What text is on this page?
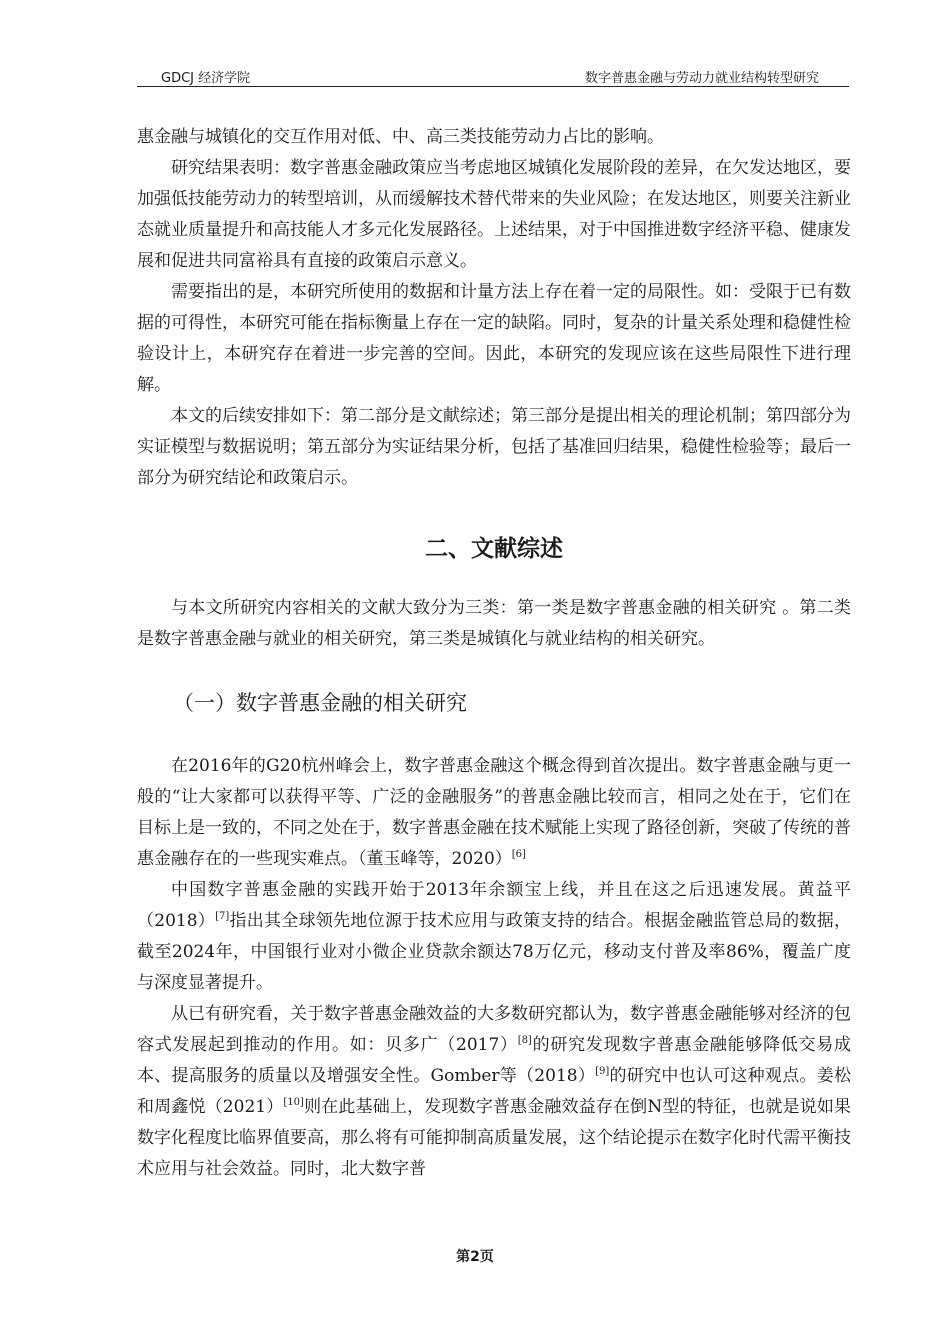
GDCJ 经济学院	数字普惠金融与劳动力就业结构转型研究

惠金融与城镇化的交互作用对低、中、高三类技能劳动力占比的影响。

研究结果表明：数字普惠金融政策应当考虑地区城镇化发展阶段的差异，在欠发达地区，要加强低技能劳动力的转型培训，从而缓解技术替代带来的失业风险；在发达地区，则要关注新业态就业质量提升和高技能人才多元化发展路径。上述结果，对于中国推进数字经济平稳、健康发展和促进共同富裕具有直接的政策启示意义。

需要指出的是，本研究所使用的数据和计量方法上存在着一定的局限性。如：受限于已有数据的可得性，本研究可能在指标衡量上存在一定的缺陷。同时，复杂的计量关系处理和稳健性检验设计上，本研究存在着进一步完善的空间。因此，本研究的发现应该在这些局限性下进行理解。

本文的后续安排如下：第二部分是文献综述；第三部分是提出相关的理论机制；第四部分为实证模型与数据说明；第五部分为实证结果分析，包括了基准回归结果，稳健性检验等；最后一部分为研究结论和政策启示。

二、文献综述

与本文所研究内容相关的文献大致分为三类：第一类是数字普惠金融的相关研究 。第二类是数字普惠金融与就业的相关研究，第三类是城镇化与就业结构的相关研究。

（一）数字普惠金融的相关研究

在2016年的G20杭州峰会上，数字普惠金融这个概念得到首次提出。数字普惠金融与更一般的“让大家都可以获得平等、广泛的金融服务”的普惠金融比较而言，相同之处在于，它们在目标上是一致的，不同之处在于，数字普惠金融在技术赋能上实现了路径创新，突破了传统的普惠金融存在的一些现实难点。（董玉峰等，2020）[6]

中国数字普惠金融的实践开始于2013年余额宝上线，并且在这之后迅速发展。黄益平（2018）[7]指出其全球领先地位源于技术应用与政策支持的结合。根据金融监管总局的数据，截至2024年，中国银行业对小微企业贷款余额达78万亿元，移动支付普及率86%，覆盖广度与深度显著提升。

从已有研究看，关于数字普惠金融效益的大多数研究都认为，数字普惠金融能够对经济的包容式发展起到推动的作用。如：贝多广（2017）[8]的研究发现数字普惠金融能够降低交易成本、提高服务的质量以及增强安全性。Gomber等（2018）[9]的研究中也认可这种观点。姜松和周鑫悦（2021）[10]则在此基础上，发现数字普惠金融效益存在倒N型的特征，也就是说如果数字化程度比临界值要高，那么将有可能抑制高质量发展，这个结论提示在数字化时代需平衡技术应用与社会效益。同时，北大数字普

第2页
